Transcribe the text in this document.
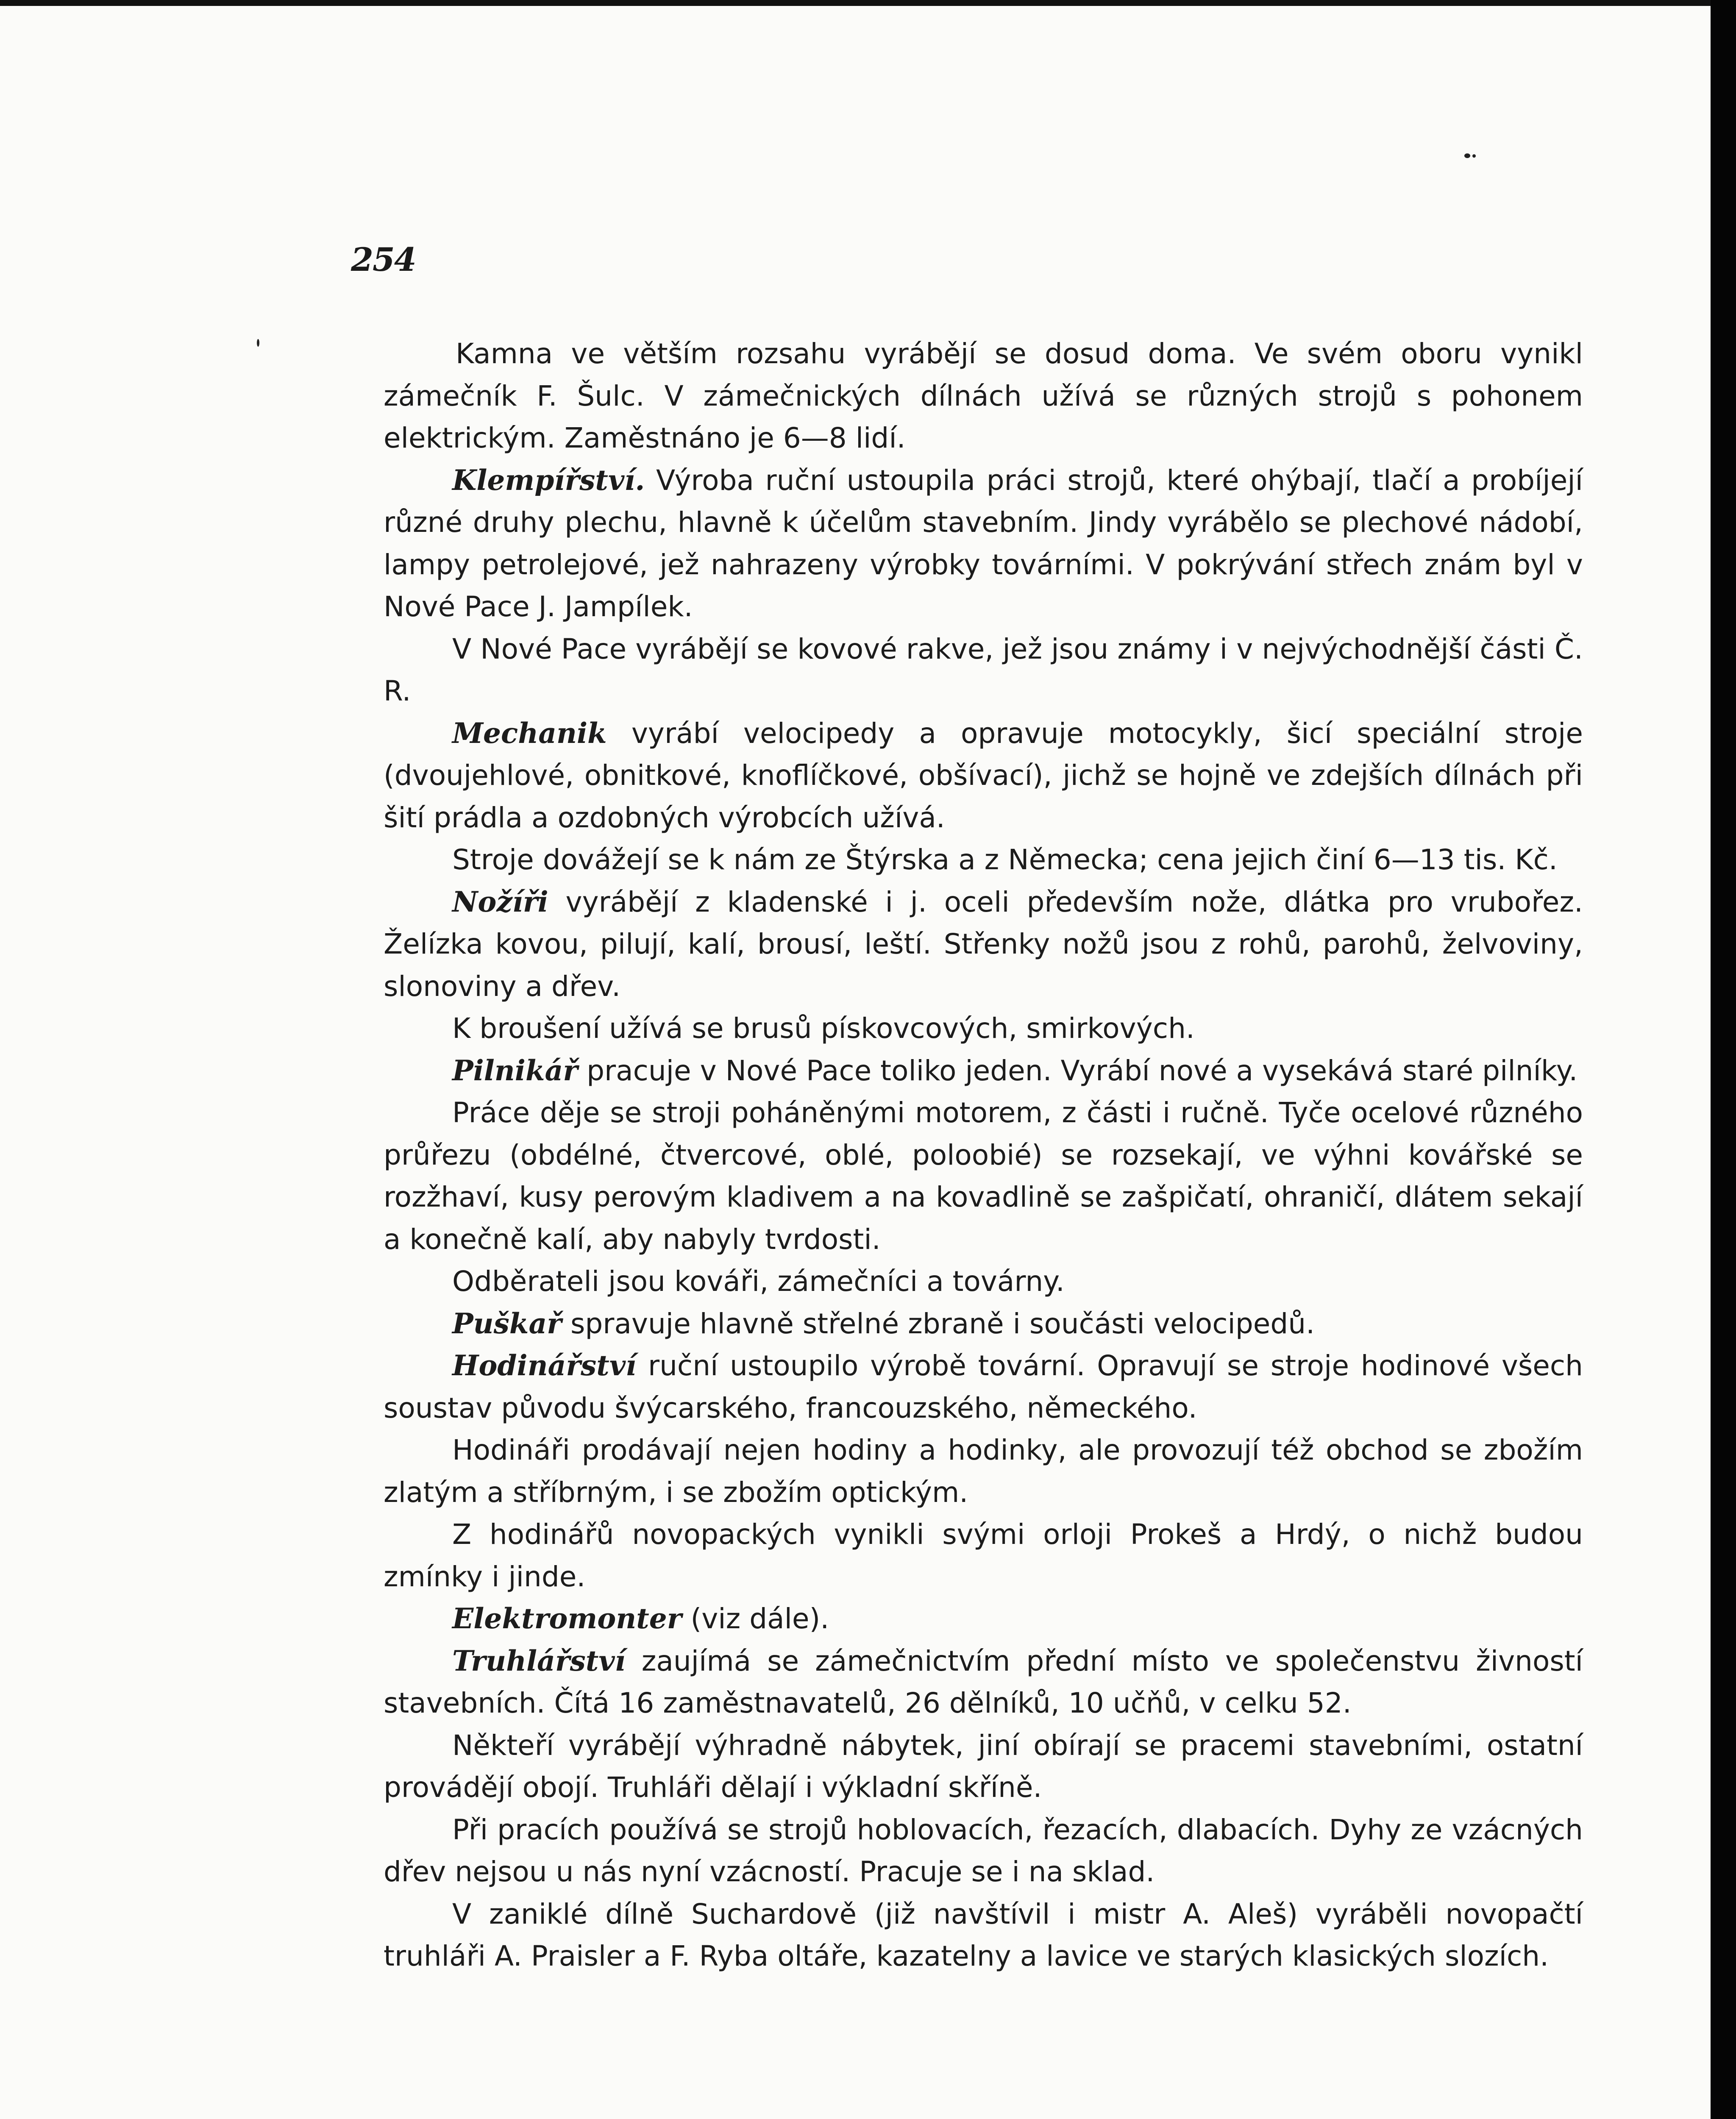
254

Kamna ve větším rozsahu vyrábějí se dosud doma. Ve svém oboru vynikl zámečník F. Šulc. V zámečnických dílnách užívá se různých strojů s pohonem elektrickým. Zaměstnáno je 6—8 lidí.

Klempířství. Výroba ruční ustoupila práci strojů, které ohýbají, tlačí a probíjejí různé druhy plechu, hlavně k účelům stavebním. Jindy vyrábělo se plechové nádobí, lampy petrolejové, jež nahrazeny výrobky továrními. V pokrývání střech znám byl v Nové Pace J. Jampílek.

V Nové Pace vyrábějí se kovové rakve, jež jsou známy i v nejvýchodnější části Č. R.

Mechanik vyrábí velocipedy a opravuje motocykly, šicí speciální stroje (dvoujehlové, obnitkové, knoflíčkové, obšívací), jichž se hojně ve zdejších dílnách při šití prádla a ozdobných výrobcích užívá.

Stroje dovážejí se k nám ze Štýrska a z Německa; cena jejich činí 6—13 tis. Kč.

Nožíři vyrábějí z kladenské i j. oceli především nože, dlátka pro vrubořez. Želízka kovou, pilují, kalí, brousí, leští. Střenky nožů jsou z rohů, parohů, želvoviny, slonoviny a dřev.

K broušení užívá se brusů pískovcových, smirkových.

Pilnikář pracuje v Nové Pace toliko jeden. Vyrábí nové a vysekává staré pilníky.

Práce děje se stroji poháněnými motorem, z části i ručně. Tyče ocelové různého průřezu (obdélné, čtvercové, oblé, poloobié) se rozsekají, ve výhni kovářské se rozžhaví, kusy perovým kladivem a na kovadlině se zašpičatí, ohraničí, dlátem sekají a konečně kalí, aby nabyly tvrdosti.

Odběrateli jsou kováři, zámečníci a továrny.

Puškař spravuje hlavně střelné zbraně i součásti velocipedů.

Hodinářství ruční ustoupilo výrobě tovární. Opravují se stroje hodinové všech soustav původu švýcarského, francouzského, německého.

Hodináři prodávají nejen hodiny a hodinky, ale provozují též obchod se zbožím zlatým a stříbrným, i se zbožím optickým.

Z hodinářů novopackých vynikli svými orloji Prokeš a Hrdý, o nichž budou zmínky i jinde.

Elektromonter (viz dále).

Truhlářství zaujímá se zámečnictvím přední místo ve společenstvu živností stavebních. Čítá 16 zaměstnavatelů, 26 dělníků, 10 učňů, v celku 52.

Někteří vyrábějí výhradně nábytek, jiní obírají se pracemi stavebními, ostatní provádějí obojí. Truhláři dělají i výkladní skříně.

Při pracích používá se strojů hoblovacích, řezacích, dlabacích. Dyhy ze vzácných dřev nejsou u nás nyní vzácností. Pracuje se i na sklad.

V zaniklé dílně Suchardově (již navštívil i mistr A. Aleš) vyráběli novopačtí truhláři A. Praisler a F. Ryba oltáře, kazatelny a lavice ve starých klasických slozích.
